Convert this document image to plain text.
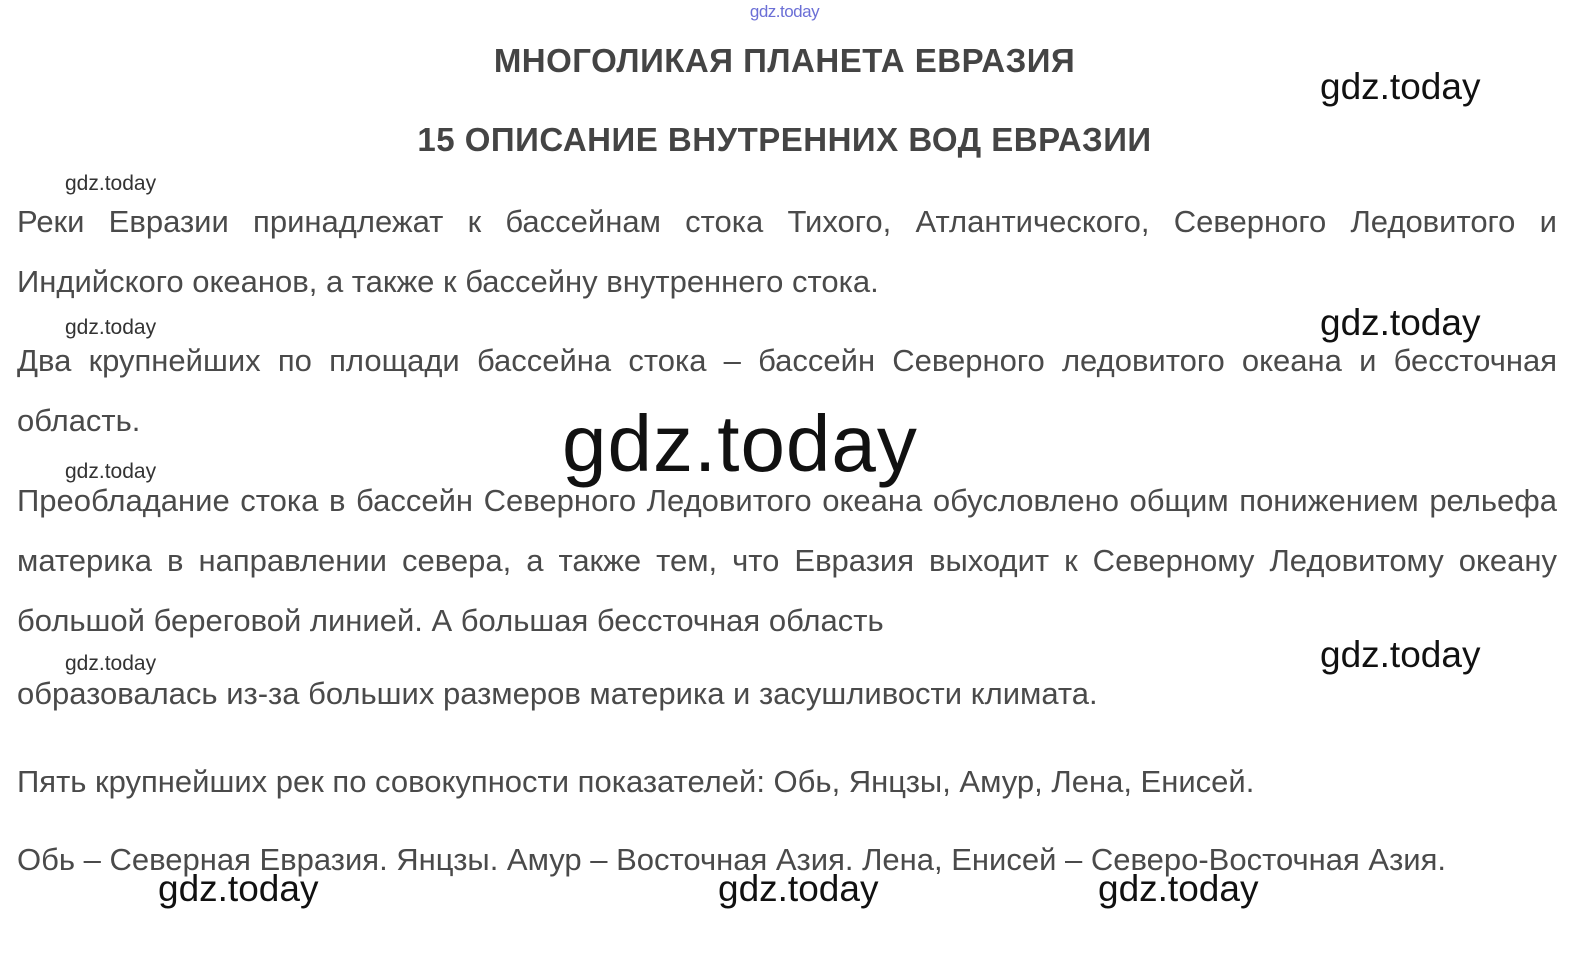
gdz.today
МНОГОЛИКАЯ ПЛАНЕТА ЕВРАЗИЯ
15 ОПИСАНИЕ ВНУТРЕННИХ ВОД ЕВРАЗИИ

Реки Евразии принадлежат к бассейнам стока Тихого, Атлантического, Северного Ледовитого и Индийского океанов, а также к бассейну внутреннего стока.

Два крупнейших по площади бассейна стока – бассейн Северного ледовитого океана и бессточная область.

Преобладание стока в бассейн Северного Ледовитого океана обусловлено общим понижением рельефа материка в направлении севера, а также тем, что Евразия выходит к Северному Ледовитому океану большой береговой линией. А большая бессточная область

образовалась из-за больших размеров материка и засушливости климата.

Пять крупнейших рек по совокупности показателей: Обь, Янцзы, Амур, Лена, Енисей.

Обь – Северная Евразия. Янцзы. Амур – Восточная Азия. Лена, Енисей – Северо-Восточная Азия.

gdz.today
gdz.today
gdz.today
gdz.today
gdz.today
gdz.today
gdz.today
gdz.today	gdz.today	gdz.today
gdz.today
